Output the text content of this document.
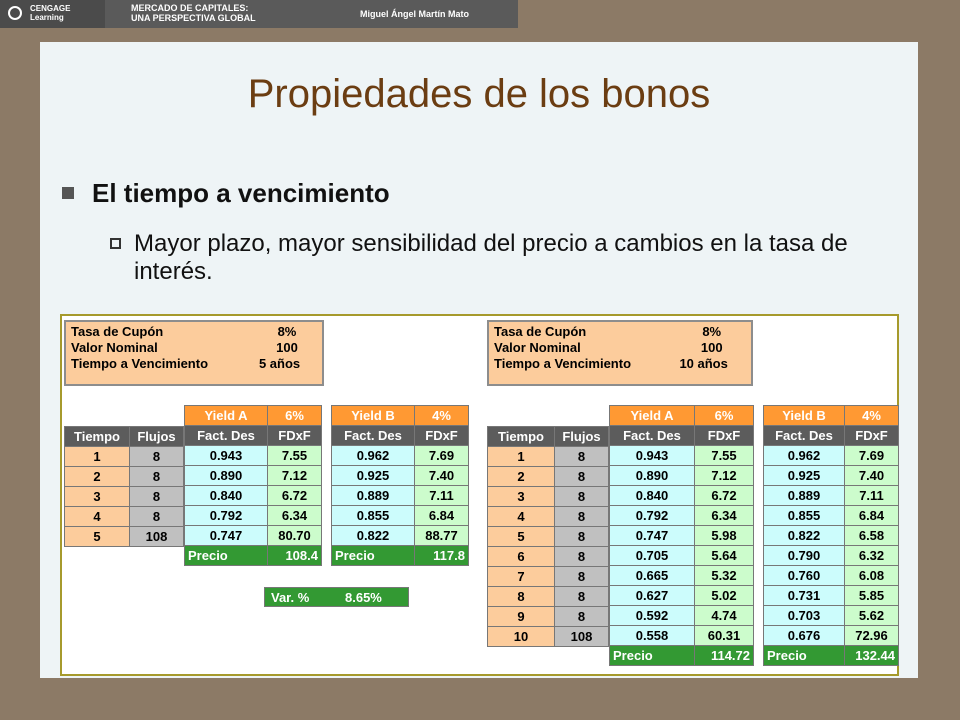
CENGAGE Learning
MERCADO DE CAPITALES:
UNA PERSPECTIVA GLOBAL	Miguel Ángel Martín Mato
Propiedades de los bonos
El tiempo a vencimiento
Mayor plazo, mayor sensibilidad del precio a cambios en la tasa de interés.
Tasa de Cupón	8%
Valor Nominal	100
Tiempo a Vencimiento	5 años
Tiempo	Flujos
1	8
2	8
3	8
4	8
5	108
Yield A	6%
Fact. Des	FDxF
0.943	7.55
0.890	7.12
0.840	6.72
0.792	6.34
0.747	80.70
Precio	108.4
Yield B	4%
Fact. Des	FDxF
0.962	7.69
0.925	7.40
0.889	7.11
0.855	6.84
0.822	88.77
Precio	117.8
Var. %	8.65%
Tasa de Cupón	8%
Valor Nominal	100
Tiempo a Vencimiento	10 años
Tiempo	Flujos
1	8
2	8
3	8
4	8
5	8
6	8
7	8
8	8
9	8
10	108
Yield A	6%
Fact. Des	FDxF
0.943	7.55
0.890	7.12
0.840	6.72
0.792	6.34
0.747	5.98
0.705	5.64
0.665	5.32
0.627	5.02
0.592	4.74
0.558	60.31
Precio	114.72
Yield B	4%
Fact. Des	FDxF
0.962	7.69
0.925	7.40
0.889	7.11
0.855	6.84
0.822	6.58
0.790	6.32
0.760	6.08
0.731	5.85
0.703	5.62
0.676	72.96
Precio	132.44
